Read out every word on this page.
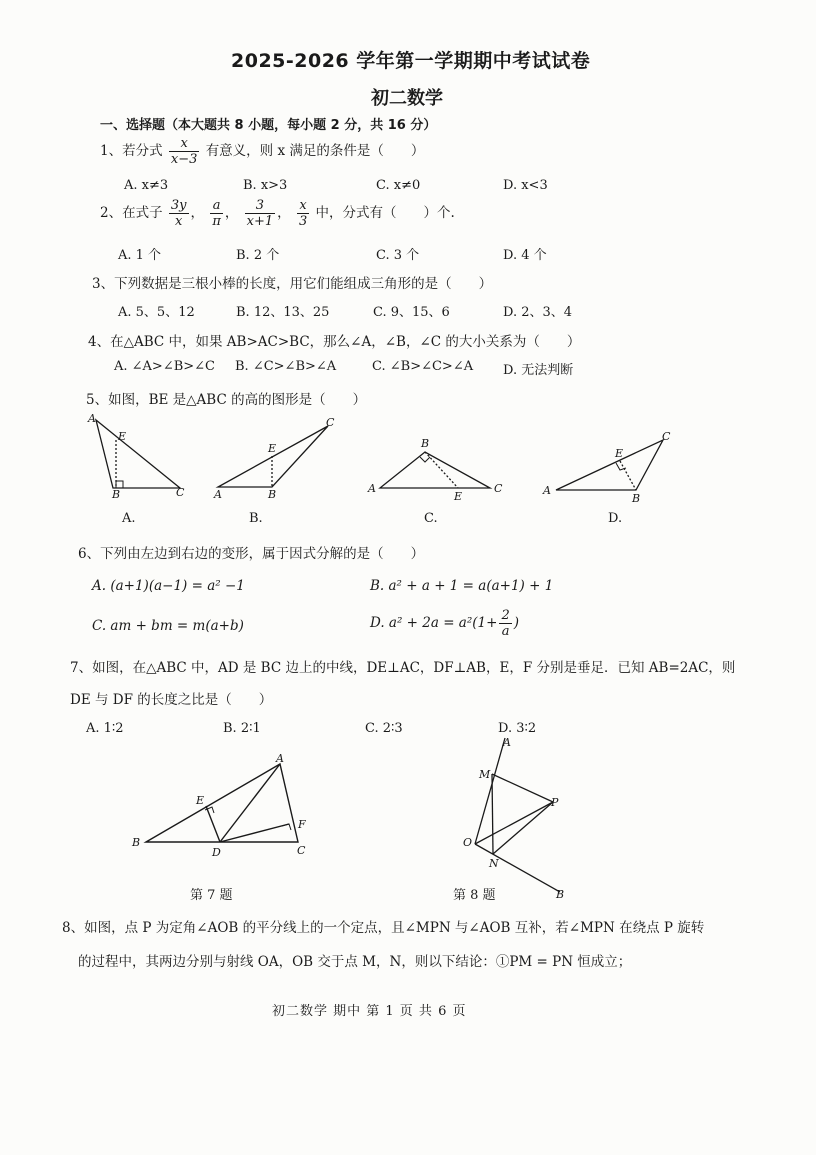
2025-2026 学年第一学期期中考试试卷
初二数学
一、选择题（本大题共 8 小题，每小题 2 分，共 16 分）
1、若分式 $\frac{x}{x-3}$ 有意义，则 x 满足的条件是（　　）
A. x≠3	B. x>3	C. x≠0	D. x<3
2、在式子 $\frac{3y}{x}$ ， $\frac{a}{\pi}$ ， $\frac{3}{x+1}$ ， $\frac{x}{3}$ 中，分式有（　　）个.
A. 1 个	B. 2 个	C. 3 个	D. 4 个
3、下列数据是三根小棒的长度，用它们能组成三角形的是（　　）
A. 5、5、12	B. 12、13、25	C. 9、15、6	D. 2、3、4
4、在△ABC 中，如果 AB>AC>BC，那么∠A，∠B，∠C 的大小关系为（　　）
A. ∠A>∠B>∠C B. ∠C>∠B>∠A	C. ∠B>∠C>∠A D. 无法判断
5、如图，BE 是△ABC 的高的图形是（　　）
A
E
B	C
C
E
A	B
B
A
E
C
C
E
A
B
A.	B.	C.	D.
6、下列由左边到右边的变形，属于因式分解的是（　　）
A. (a+1)(a−1) = a² −1	B. a² + a + 1 = a(a+1) + 1
C. am + bm = m(a+b)	D. $a^2 + 2a = a^2(1+ \frac{2}{a}$ )
7、如图，在△ABC 中，AD 是 BC 边上的中线，DE⊥AC，DF⊥AB，E，F 分别是垂足．已知 AB=2AC，则
DE 与 DF 的长度之比是（　　）
A. 1∶2	B. 2∶1	C. 2∶3	D. 3∶2
A
E
F
B
D	C
A
M
P
O
N
B
第 7 题	第 8 题
8、如图，点 P 为定角∠AOB 的平分线上的一个定点，且∠MPN 与∠AOB 互补，若∠MPN 在绕点 P 旋转
的过程中，其两边分别与射线 OA，OB 交于点 M，N，则以下结论：①PM = PN 恒成立；
初二数学 期中 第 1 页 共 6 页
